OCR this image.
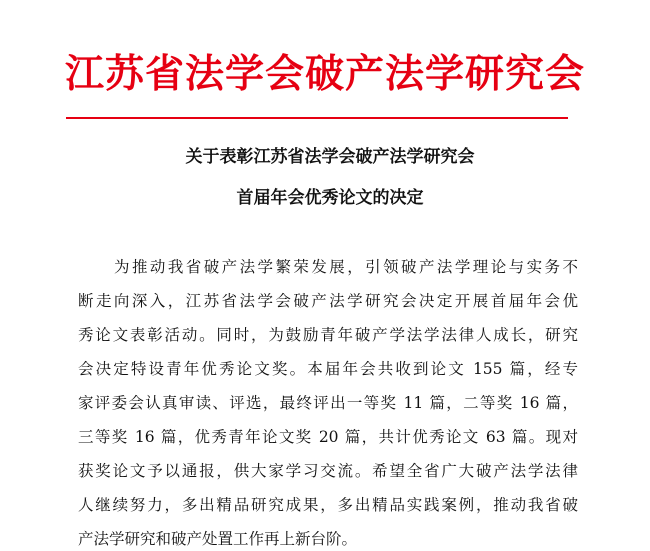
江苏省法学会破产法学研究会
关于表彰江苏省法学会破产法学研究会
首届年会优秀论文的决定
为推动我省破产法学繁荣发展，引领破产法学理论与实务不
断走向深入，江苏省法学会破产法学研究会决定开展首届年会优
秀论文表彰活动。同时，为鼓励青年破产学法学法律人成长，研究
会决定特设青年优秀论文奖。本届年会共收到论文 155 篇，经专
家评委会认真审读、评选，最终评出一等奖 11 篇，二等奖 16 篇，
三等奖 16 篇，优秀青年论文奖 20 篇，共计优秀论文 63 篇。现对
获奖论文予以通报，供大家学习交流。希望全省广大破产法学法律
人继续努力，多出精品研究成果，多出精品实践案例，推动我省破
产法学研究和破产处置工作再上新台阶。
